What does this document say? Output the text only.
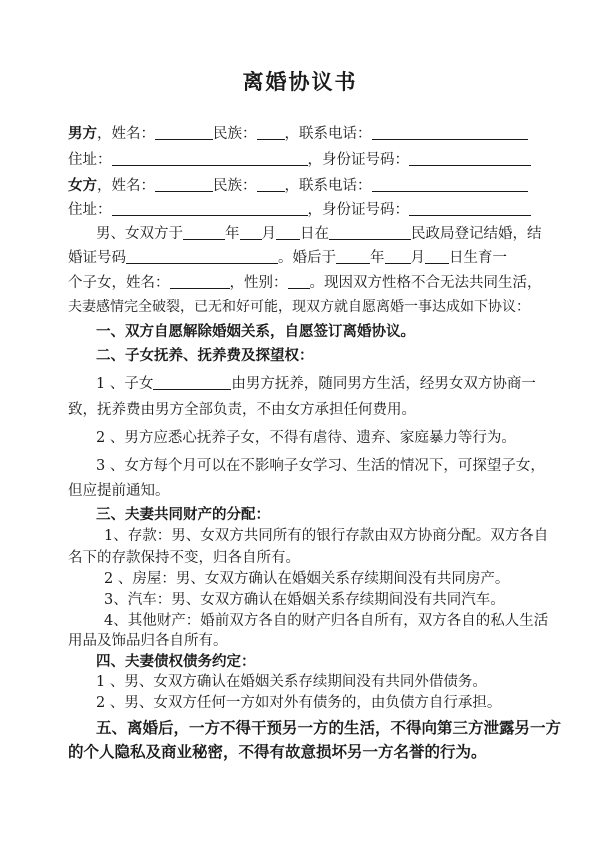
离婚协议书
男方，姓名：	民族： ，联系电话：
住址：	，身份证号码：
女方，姓名：	民族： ，联系电话：
住址：	，身份证号码：
男、女双方于	年 月 日在	民政局登记结婚，结
婚证号码	。婚后于 年 月 日生育一
个子女，姓名：	，性别： 。现因双方性格不合无法共同生活，
夫妻感情完全破裂，已无和好可能，现双方就自愿离婚一事达成如下协议：
一、双方自愿解除婚姻关系，自愿签订离婚协议。
二、子女抚养、抚养费及探望权：
1 、子女	由男方抚养，随同男方生活，经男女双方协商一
致，抚养费由男方全部负责，不由女方承担任何费用。
2 、男方应悉心抚养子女，不得有虐待、遗弃、家庭暴力等行为。
3 、女方每个月可以在不影响子女学习、生活的情况下，可探望子女，
但应提前通知。
三、夫妻共同财产的分配：
1、存款：男、女双方共同所有的银行存款由双方协商分配。双方各自
名下的存款保持不变，归各自所有。
2 、房屋：男、女双方确认在婚姻关系存续期间没有共同房产。
3、汽车：男、女双方确认在婚姻关系存续期间没有共同汽车。
4、其他财产：婚前双方各自的财产归各自所有，双方各自的私人生活
用品及饰品归各自所有。
四、夫妻债权债务约定：
1 、男、女双方确认在婚姻关系存续期间没有共同外借债务。
2 、男、女双方任何一方如对外有债务的，由负债方自行承担。
五、离婚后，一方不得干预另一方的生活，不得向第三方泄露另一方
的个人隐私及商业秘密，不得有故意损坏另一方名誉的行为。
